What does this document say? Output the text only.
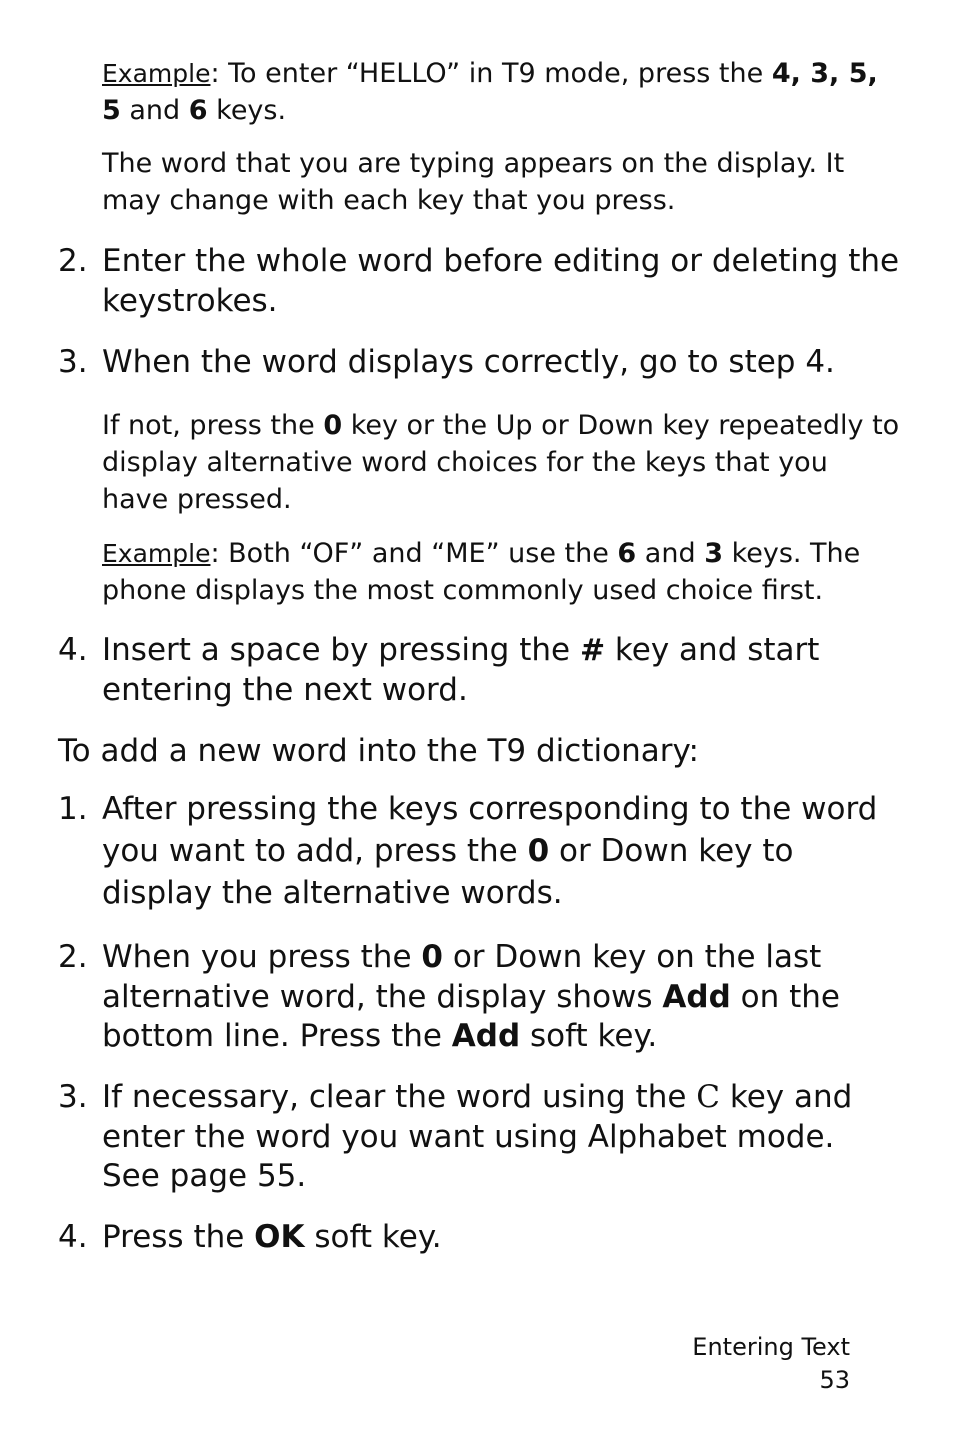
Example: To enter “HELLO” in T9 mode, press the 4, 3, 5, 5 and 6 keys.

The word that you are typing appears on the display. It may change with each key that you press.

2. Enter the whole word before editing or deleting the keystrokes.

3. When the word displays correctly, go to step 4.

If not, press the 0 key or the Up or Down key repeatedly to display alternative word choices for the keys that you have pressed.

Example: Both “OF” and “ME” use the 6 and 3 keys. The phone displays the most commonly used choice first.

4. Insert a space by pressing the # key and start entering the next word.

To add a new word into the T9 dictionary:

1. After pressing the keys corresponding to the word you want to add, press the 0 or Down key to display the alternative words.

2. When you press the 0 or Down key on the last alternative word, the display shows Add on the bottom line. Press the Add soft key.

3. If necessary, clear the word using the C key and enter the word you want using Alphabet mode. See page 55.

4. Press the OK soft key.

Entering Text
53
